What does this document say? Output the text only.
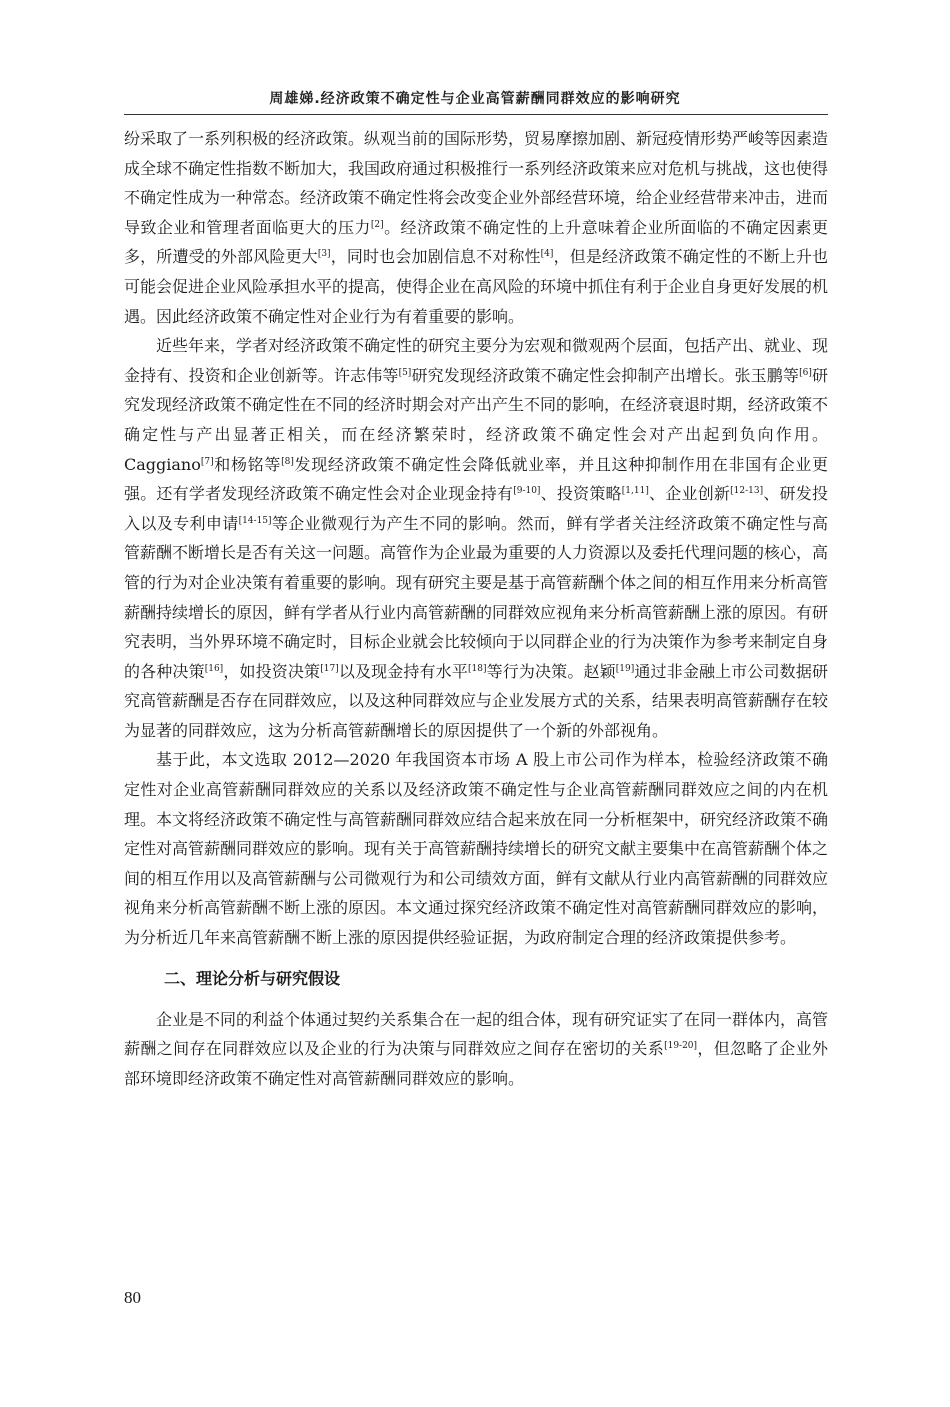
周雄娣.经济政策不确定性与企业高管薪酬同群效应的影响研究

纷采取了一系列积极的经济政策。纵观当前的国际形势，贸易摩擦加剧、新冠疫情形势严峻等因素造成全球不确定性指数不断加大，我国政府通过积极推行一系列经济政策来应对危机与挑战，这也使得不确定性成为一种常态。经济政策不确定性将会改变企业外部经营环境，给企业经营带来冲击，进而导致企业和管理者面临更大的压力[2]。经济政策不确定性的上升意味着企业所面临的不确定因素更多，所遭受的外部风险更大[3]，同时也会加剧信息不对称性[4]，但是经济政策不确定性的不断上升也可能会促进企业风险承担水平的提高，使得企业在高风险的环境中抓住有利于企业自身更好发展的机遇。因此经济政策不确定性对企业行为有着重要的影响。

近些年来，学者对经济政策不确定性的研究主要分为宏观和微观两个层面，包括产出、就业、现金持有、投资和企业创新等。许志伟等[5]研究发现经济政策不确定性会抑制产出增长。张玉鹏等[6]研究发现经济政策不确定性在不同的经济时期会对产出产生不同的影响，在经济衰退时期，经济政策不确定性与产出显著正相关，而在经济繁荣时，经济政策不确定性会对产出起到负向作用。Caggiano[7]和杨铭等[8]发现经济政策不确定性会降低就业率，并且这种抑制作用在非国有企业更强。还有学者发现经济政策不确定性会对企业现金持有[9-10]、投资策略[1,11]、企业创新[12-13]、研发投入以及专利申请[14-15]等企业微观行为产生不同的影响。然而，鲜有学者关注经济政策不确定性与高管薪酬不断增长是否有关这一问题。高管作为企业最为重要的人力资源以及委托代理问题的核心，高管的行为对企业决策有着重要的影响。现有研究主要是基于高管薪酬个体之间的相互作用来分析高管薪酬持续增长的原因，鲜有学者从行业内高管薪酬的同群效应视角来分析高管薪酬上涨的原因。有研究表明，当外界环境不确定时，目标企业就会比较倾向于以同群企业的行为决策作为参考来制定自身的各种决策[16]，如投资决策[17]以及现金持有水平[18]等行为决策。赵颖[19]通过非金融上市公司数据研究高管薪酬是否存在同群效应，以及这种同群效应与企业发展方式的关系，结果表明高管薪酬存在较为显著的同群效应，这为分析高管薪酬增长的原因提供了一个新的外部视角。

基于此，本文选取 2012—2020 年我国资本市场 A 股上市公司作为样本，检验经济政策不确定性对企业高管薪酬同群效应的关系以及经济政策不确定性与企业高管薪酬同群效应之间的内在机理。本文将经济政策不确定性与高管薪酬同群效应结合起来放在同一分析框架中，研究经济政策不确定性对高管薪酬同群效应的影响。现有关于高管薪酬持续增长的研究文献主要集中在高管薪酬个体之间的相互作用以及高管薪酬与公司微观行为和公司绩效方面，鲜有文献从行业内高管薪酬的同群效应视角来分析高管薪酬不断上涨的原因。本文通过探究经济政策不确定性对高管薪酬同群效应的影响，为分析近几年来高管薪酬不断上涨的原因提供经验证据，为政府制定合理的经济政策提供参考。

二、理论分析与研究假设

企业是不同的利益个体通过契约关系集合在一起的组合体，现有研究证实了在同一群体内，高管薪酬之间存在同群效应以及企业的行为决策与同群效应之间存在密切的关系[19-20]，但忽略了企业外部环境即经济政策不确定性对高管薪酬同群效应的影响。

80
